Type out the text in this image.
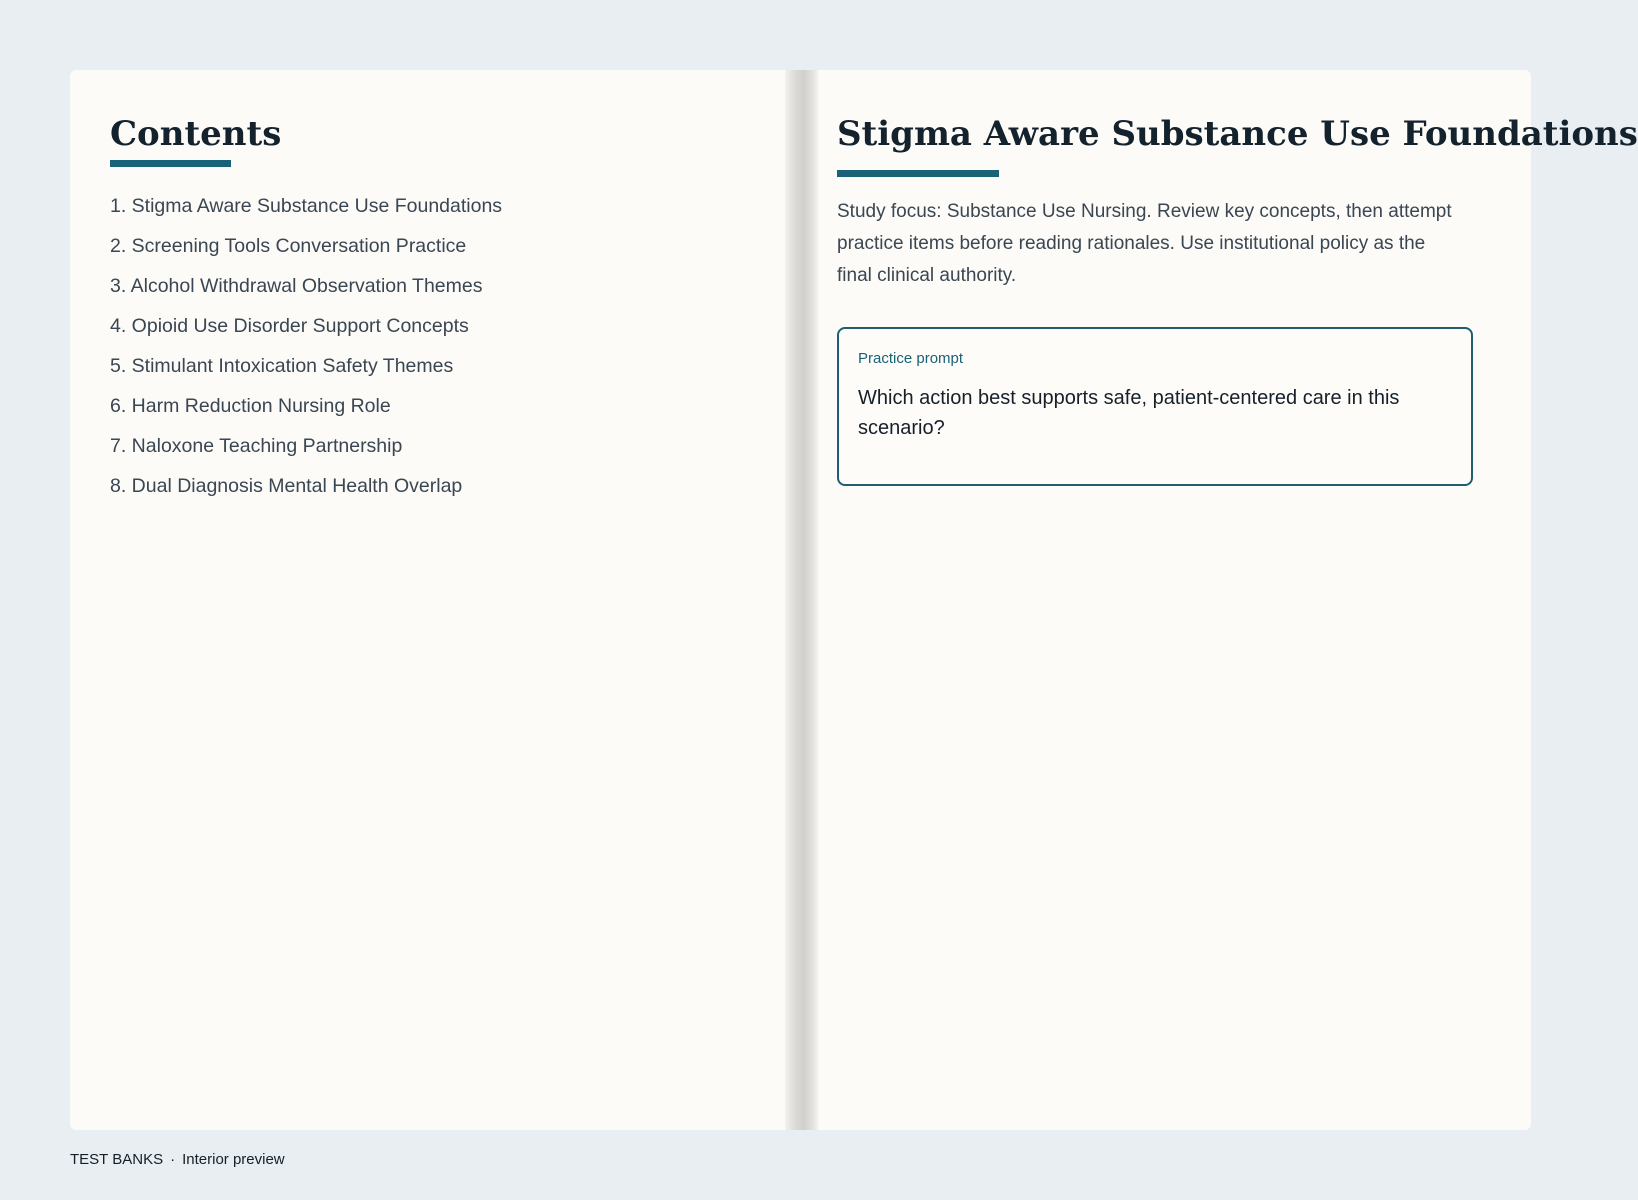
Contents
1. Stigma Aware Substance Use Foundations
2. Screening Tools Conversation Practice
3. Alcohol Withdrawal Observation Themes
4. Opioid Use Disorder Support Concepts
5. Stimulant Intoxication Safety Themes
6. Harm Reduction Nursing Role
7. Naloxone Teaching Partnership
8. Dual Diagnosis Mental Health Overlap
Stigma Aware Substance Use Foundations

Study focus: Substance Use Nursing. Review key concepts, then attempt practice items before reading rationales. Use institutional policy as the final clinical authority.

Practice prompt

Which action best supports safe, patient-centered care in this scenario?

TEST BANKS · Interior preview
